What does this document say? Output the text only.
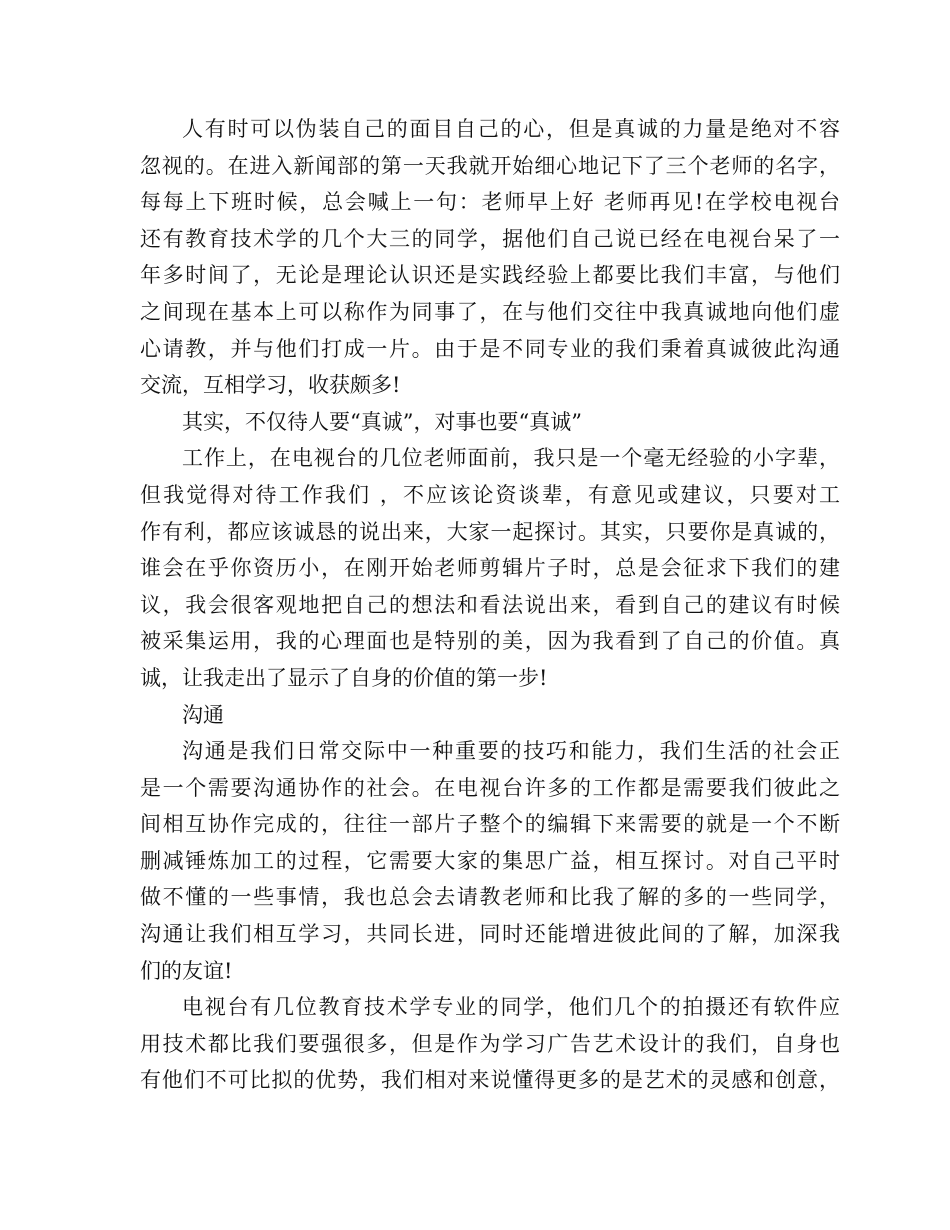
人有时可以伪装自己的面目自己的心，但是真诚的力量是绝对不容
忽视的。在进入新闻部的第一天我就开始细心地记下了三个老师的名字，
每每上下班时候，总会喊上一句：老师早上好 老师再见!在学校电视台
还有教育技术学的几个大三的同学，据他们自己说已经在电视台呆了一
年多时间了，无论是理论认识还是实践经验上都要比我们丰富，与他们
之间现在基本上可以称作为同事了，在与他们交往中我真诚地向他们虚
心请教，并与他们打成一片。由于是不同专业的我们秉着真诚彼此沟通
交流，互相学习，收获颇多!
其实，不仅待人要“真诚”，对事也要“真诚”
工作上，在电视台的几位老师面前，我只是一个毫无经验的小字辈，
但我觉得对待工作我们 ，不应该论资谈辈，有意见或建议，只要对工
作有利，都应该诚恳的说出来，大家一起探讨。其实，只要你是真诚的，
谁会在乎你资历小，在刚开始老师剪辑片子时，总是会征求下我们的建
议，我会很客观地把自己的想法和看法说出来，看到自己的建议有时候
被采集运用，我的心理面也是特别的美，因为我看到了自己的价值。真
诚，让我走出了显示了自身的价值的第一步!
沟通
沟通是我们日常交际中一种重要的技巧和能力，我们生活的社会正
是一个需要沟通协作的社会。在电视台许多的工作都是需要我们彼此之
间相互协作完成的，往往一部片子整个的编辑下来需要的就是一个不断
删减锤炼加工的过程，它需要大家的集思广益，相互探讨。对自己平时
做不懂的一些事情，我也总会去请教老师和比我了解的多的一些同学，
沟通让我们相互学习，共同长进，同时还能增进彼此间的了解，加深我
们的友谊!
电视台有几位教育技术学专业的同学，他们几个的拍摄还有软件应
用技术都比我们要强很多，但是作为学习广告艺术设计的我们，自身也
有他们不可比拟的优势，我们相对来说懂得更多的是艺术的灵感和创意，
